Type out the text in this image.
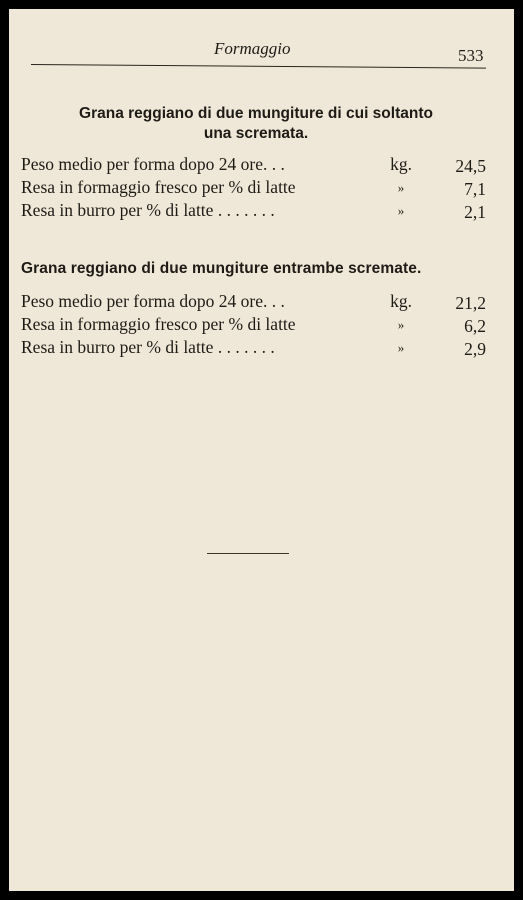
Formaggio	533
Grana reggiano di due mungiture di cui soltanto
una scremata.
Peso medio per forma dopo 24 ore. . .	kg.	24,5
Resa in formaggio fresco per % di latte	»	7,1
Resa in burro per % di latte . . . . . . .	»	2,1
Grana reggiano di due mungiture entrambe scremate.
Peso medio per forma dopo 24 ore. . .	kg.	21,2
Resa in formaggio fresco per % di latte	»	6,2
Resa in burro per % di latte . . . . . . .	»	2,9
